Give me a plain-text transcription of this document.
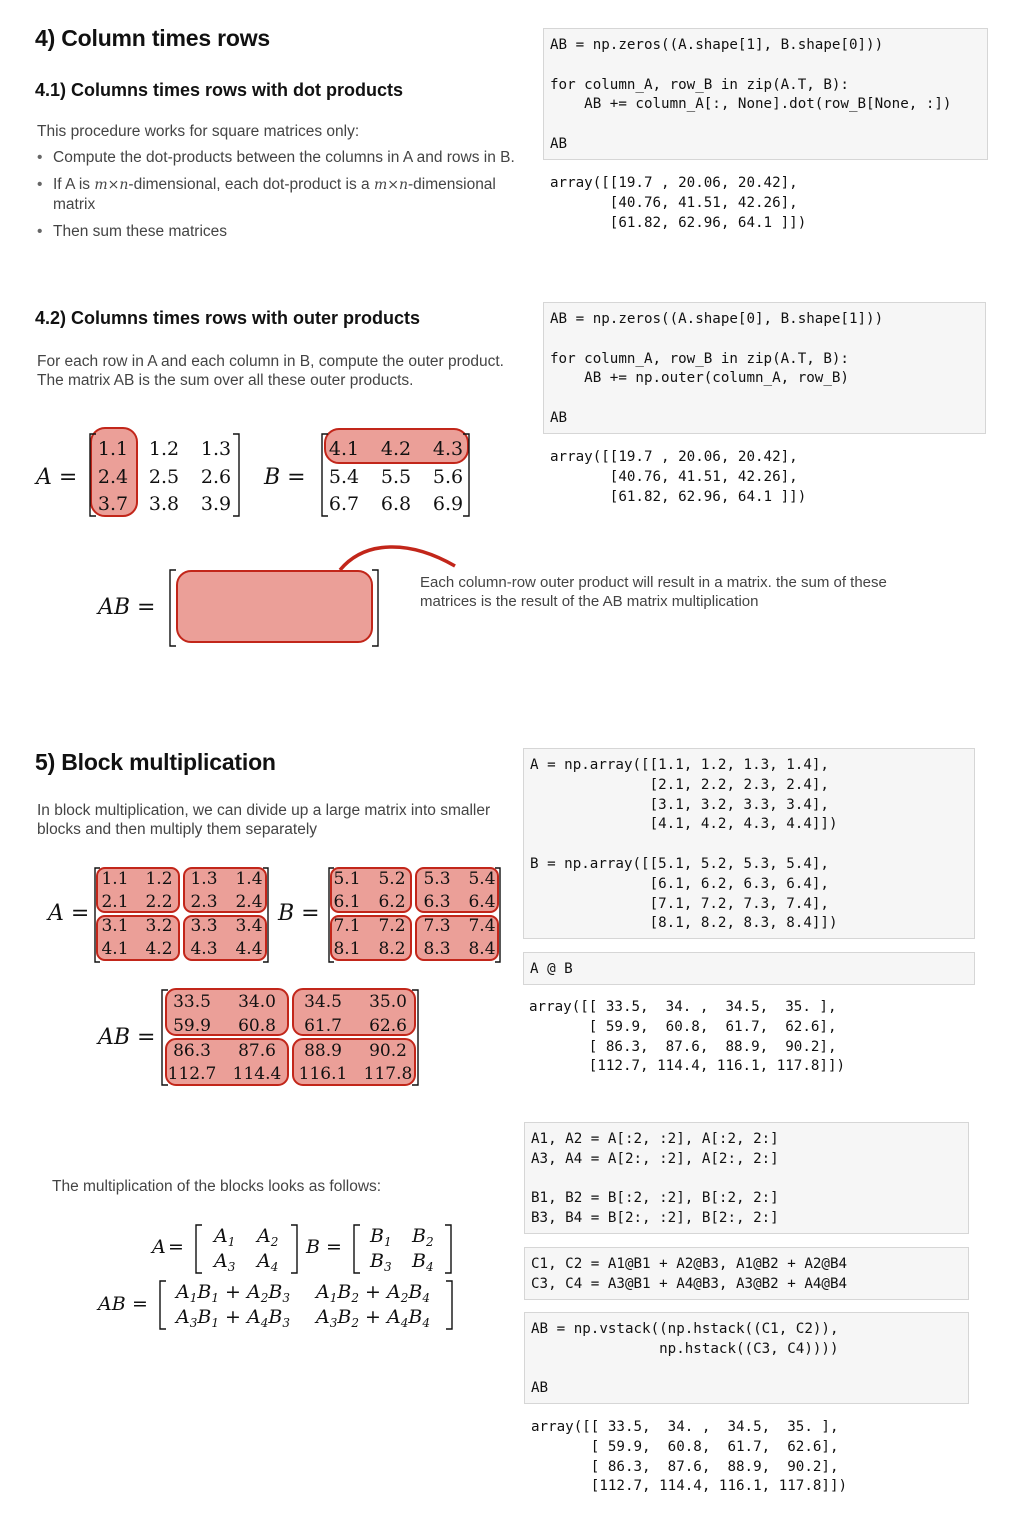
4) Column times rows
4.1) Columns times rows with dot products

This procedure works for square matrices only:

• Compute the dot-products between the columns in A and rows in B.
• If A is m×n-dimensional, each dot-product is a m×n-dimensional matrix
• Then sum these matrices
AB = np.zeros((A.shape[1], B.shape[0]))

for column_A, row_B in zip(A.T, B):
AB += column_A[:, None].dot(row_B[None, :])

AB
array([[19.7 , 20.06, 20.42],
[40.76, 41.51, 42.26],
[61.82, 62.96, 64.1 ]])
4.2) Columns times rows with outer products

For each row in A and each column in B, compute the outer product. The matrix AB is the sum over all these outer products.

AB = np.zeros((A.shape[0], B.shape[1]))

for column_A, row_B in zip(A.T, B):
AB += np.outer(column_A, row_B)

AB
array([[19.7 , 20.06, 20.42],
[40.76, 41.51, 42.26],
[61.82, 62.96, 64.1 ]])
A =
1.1 1.2 1.3
2.4 2.5 2.6
3.7 3.8 3.9
B =
4.1 4.2 4.3
5.4 5.5 5.6
6.7 6.8 6.9
AB =

Each column-row outer product will result in a matrix. the sum of these matrices is the result of the AB matrix multiplication

5) Block multiplication

In block multiplication, we can divide up a large matrix into smaller blocks and then multiply them separately

A =
1.1 1.2 1.3 1.4
2.1 2.2 2.3 2.4
3.1 3.2 3.3 3.4
4.1 4.2 4.3 4.4
B =
5.1 5.2 5.3 5.4
6.1 6.2 6.3 6.4
7.1 7.2 7.3 7.4
8.1 8.2 8.3 8.4
AB =
33.5 34.0 34.5 35.0
59.9 60.8 61.7 62.6
86.3 87.6 88.9 90.2
112.7 114.4 116.1 117.8

The multiplication of the blocks looks as follows:

$A = A_1$ $A_2$
$A_3$ $A_4$
$B = B_1$ $B_2$
$B_3$ $B_4$
AB =
$A_1B_1 + A_2B_3$ $A_1B_2 + A_2B_4$
$A_3B_1 + A_4B_3$ $A_3B_2 + A_4B_4$
A = np.array([[1.1, 1.2, 1.3, 1.4],
[2.1, 2.2, 2.3, 2.4],
[3.1, 3.2, 3.3, 3.4],
[4.1, 4.2, 4.3, 4.4]])

B = np.array([[5.1, 5.2, 5.3, 5.4],
[6.1, 6.2, 6.3, 6.4],
[7.1, 7.2, 7.3, 7.4],
[8.1, 8.2, 8.3, 8.4]])
A @ B
array([[ 33.5,  34. ,  34.5,  35. ],
[ 59.9,  60.8,  61.7,  62.6],
[ 86.3,  87.6,  88.9,  90.2],
[112.7, 114.4, 116.1, 117.8]])
A1, A2 = A[:2, :2], A[:2, 2:]
A3, A4 = A[2:, :2], A[2:, 2:]

B1, B2 = B[:2, :2], B[:2, 2:]
B3, B4 = B[2:, :2], B[2:, 2:]
C1, C2 = A1@B1 + A2@B3, A1@B2 + A2@B4
C3, C4 = A3@B1 + A4@B3, A3@B2 + A4@B4
AB = np.vstack((np.hstack((C1, C2)),
np.hstack((C3, C4))))

AB
array([[ 33.5,  34. ,  34.5,  35. ],
[ 59.9,  60.8,  61.7,  62.6],
[ 86.3,  87.6,  88.9,  90.2],
[112.7, 114.4, 116.1, 117.8]])
